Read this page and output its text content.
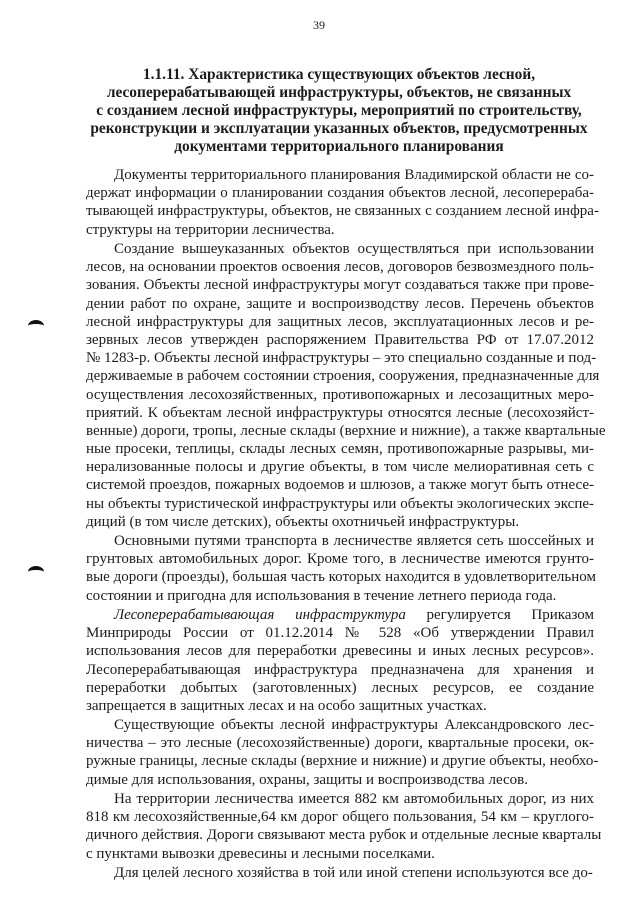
39
1.1.11. Характеристика существующих объектов лесной,
лесоперерабатывающей инфраструктуры, объектов, не связанных
с созданием лесной инфраструктуры, мероприятий по строительству,
реконструкции и эксплуатации указанных объектов, предусмотренных
документами территориального планирования
Документы территориального планирования Владимирской области не со-
держат информации о планировании создания объектов лесной, лесоперераба-
тывающей инфраструктуры, объектов, не связанных с созданием лесной инфра-
структуры на территории лесничества.
Создание вышеуказанных объектов осуществляться при использовании
лесов, на основании проектов освоения лесов, договоров безвозмездного поль-
зования. Объекты лесной инфраструктуры могут создаваться также при прове-
дении работ по охране, защите и воспроизводству лесов. Перечень объектов
лесной инфраструктуры для защитных лесов, эксплуатационных лесов и ре-
зервных лесов утвержден распоряжением Правительства РФ от 17.07.2012
№ 1283-р. Объекты лесной инфраструктуры – это специально созданные и под-
держиваемые в рабочем состоянии строения, сооружения, предназначенные для
осуществления лесохозяйственных, противопожарных и лесозащитных меро-
приятий. К объектам лесной инфраструктуры относятся лесные (лесохозяйст-
венные) дороги, тропы, лесные склады (верхние и нижние), а также квартальные
ные просеки, теплицы, склады лесных семян, противопожарные разрывы, ми-
нерализованные полосы и другие объекты, в том числе мелиоративная сеть с
системой проездов, пожарных водоемов и шлюзов, а также могут быть отнесе-
ны объекты туристической инфраструктуры или объекты экологических экспе-
диций (в том числе детских), объекты охотничьей инфраструктуры.
Основными путями транспорта в лесничестве является сеть шоссейных и
грунтовых автомобильных дорог. Кроме того, в лесничестве имеются грунто-
вые дороги (проезды), большая часть которых находится в удовлетворительном
состоянии и пригодна для использования в течение летнего периода года.
Лесоперерабатывающая инфраструктура регулируется Приказом
Минприроды России от 01.12.2014 № 528 «Об утверждении Правил
использования лесов для переработки древесины и иных лесных ресурсов».
Лесоперерабатывающая инфраструктура предназначена для хранения и
переработки добытых (заготовленных) лесных ресурсов, ее создание
запрещается в защитных лесах и на особо защитных участках.
Существующие объекты лесной инфраструктуры Александровского лес-
ничества – это лесные (лесохозяйственные) дороги, квартальные просеки, ок-
ружные границы, лесные склады (верхние и нижние) и другие объекты, необхо-
димые для использования, охраны, защиты и воспроизводства лесов.
На территории лесничества имеется 882 км автомобильных дорог, из них
818 км лесохозяйственные,64 км дорог общего пользования, 54 км – круглого-
дичного действия. Дороги связывают места рубок и отдельные лесные кварталы
с пунктами вывозки древесины и лесными поселками.
Для целей лесного хозяйства в той или иной степени используются все до-
